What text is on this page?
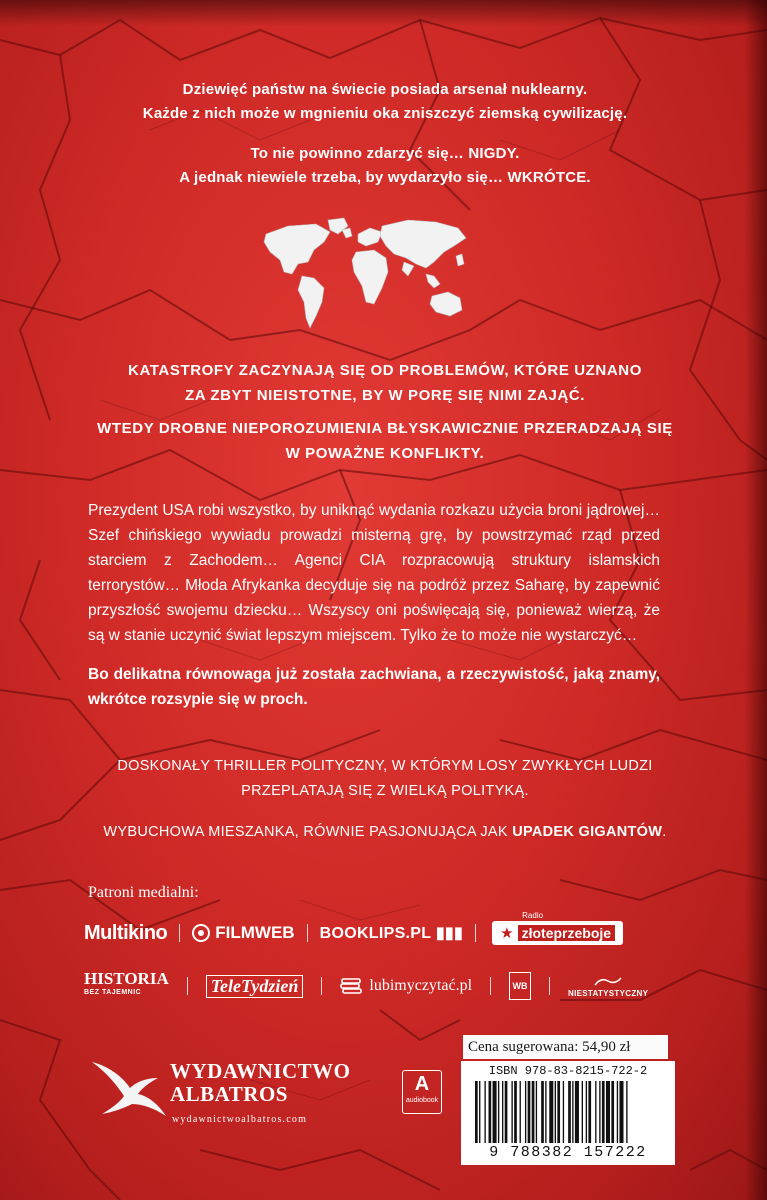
Dziewięć państw na świecie posiada arsenał nuklearny.
Każde z nich może w mgnieniu oka zniszczyć ziemską cywilizację.

To nie powinno zdarzyć się… NIGDY.
A jednak niewiele trzeba, by wydarzyło się… WKRÓTCE.

KATASTROFY ZACZYNAJĄ SIĘ OD PROBLEMÓW, KTÓRE UZNANO
ZA ZBYT NIEISTOTNE, BY W PORĘ SIĘ NIMI ZAJĄĆ.

WTEDY DROBNE NIEPOROZUMIENIA BŁYSKAWICZNIE PRZERADZAJĄ SIĘ
W POWAŻNE KONFLIKTY.

Prezydent USA robi wszystko, by uniknąć wydania rozkazu użycia broni jądrowej… Szef chińskiego wywiadu prowadzi misterną grę, by powstrzymać rząd przed starciem z Zachodem… Agenci CIA rozpracowują struktury islamskich terrorystów… Młoda Afrykanka decyduje się na podróż przez Saharę, by zapewnić przyszłość swojemu dziecku… Wszyscy oni poświęcają się, ponieważ wierzą, że są w stanie uczynić świat lepszym miejscem. Tylko że to może nie wystarczyć…

Bo delikatna równowaga już została zachwiana, a rzeczywistość, jaką znamy, wkrótce rozsypie się w proch.

DOSKONAŁY THRILLER POLITYCZNY, W KTÓRYM LOSY ZWYKŁYCH LUDZI
PRZEPLATAJĄ SIĘ Z WIELKĄ POLITYKĄ.
WYBUCHOWA MIESZANKA, RÓWNIE PASJONUJĄCA JAK UPADEK GIGANTÓW.
Patroni medialni:
Multikino	FILMWEB BOOKLIPS.PL ▮▮▮
Radio
★ złoteprzeboje
HISTORIA
BEZ TAJEMNIC	TeleTydzień	lubimyczytać.pl	WB

NIESTATYSTYCZNY
WYDAWNICTWO
ALBATROS
wydawnictwoalbatros.com
A
audiobook
Cena sugerowana: 54,90 zł
ISBN 978-83-8215-722-2
9 788382 157222
